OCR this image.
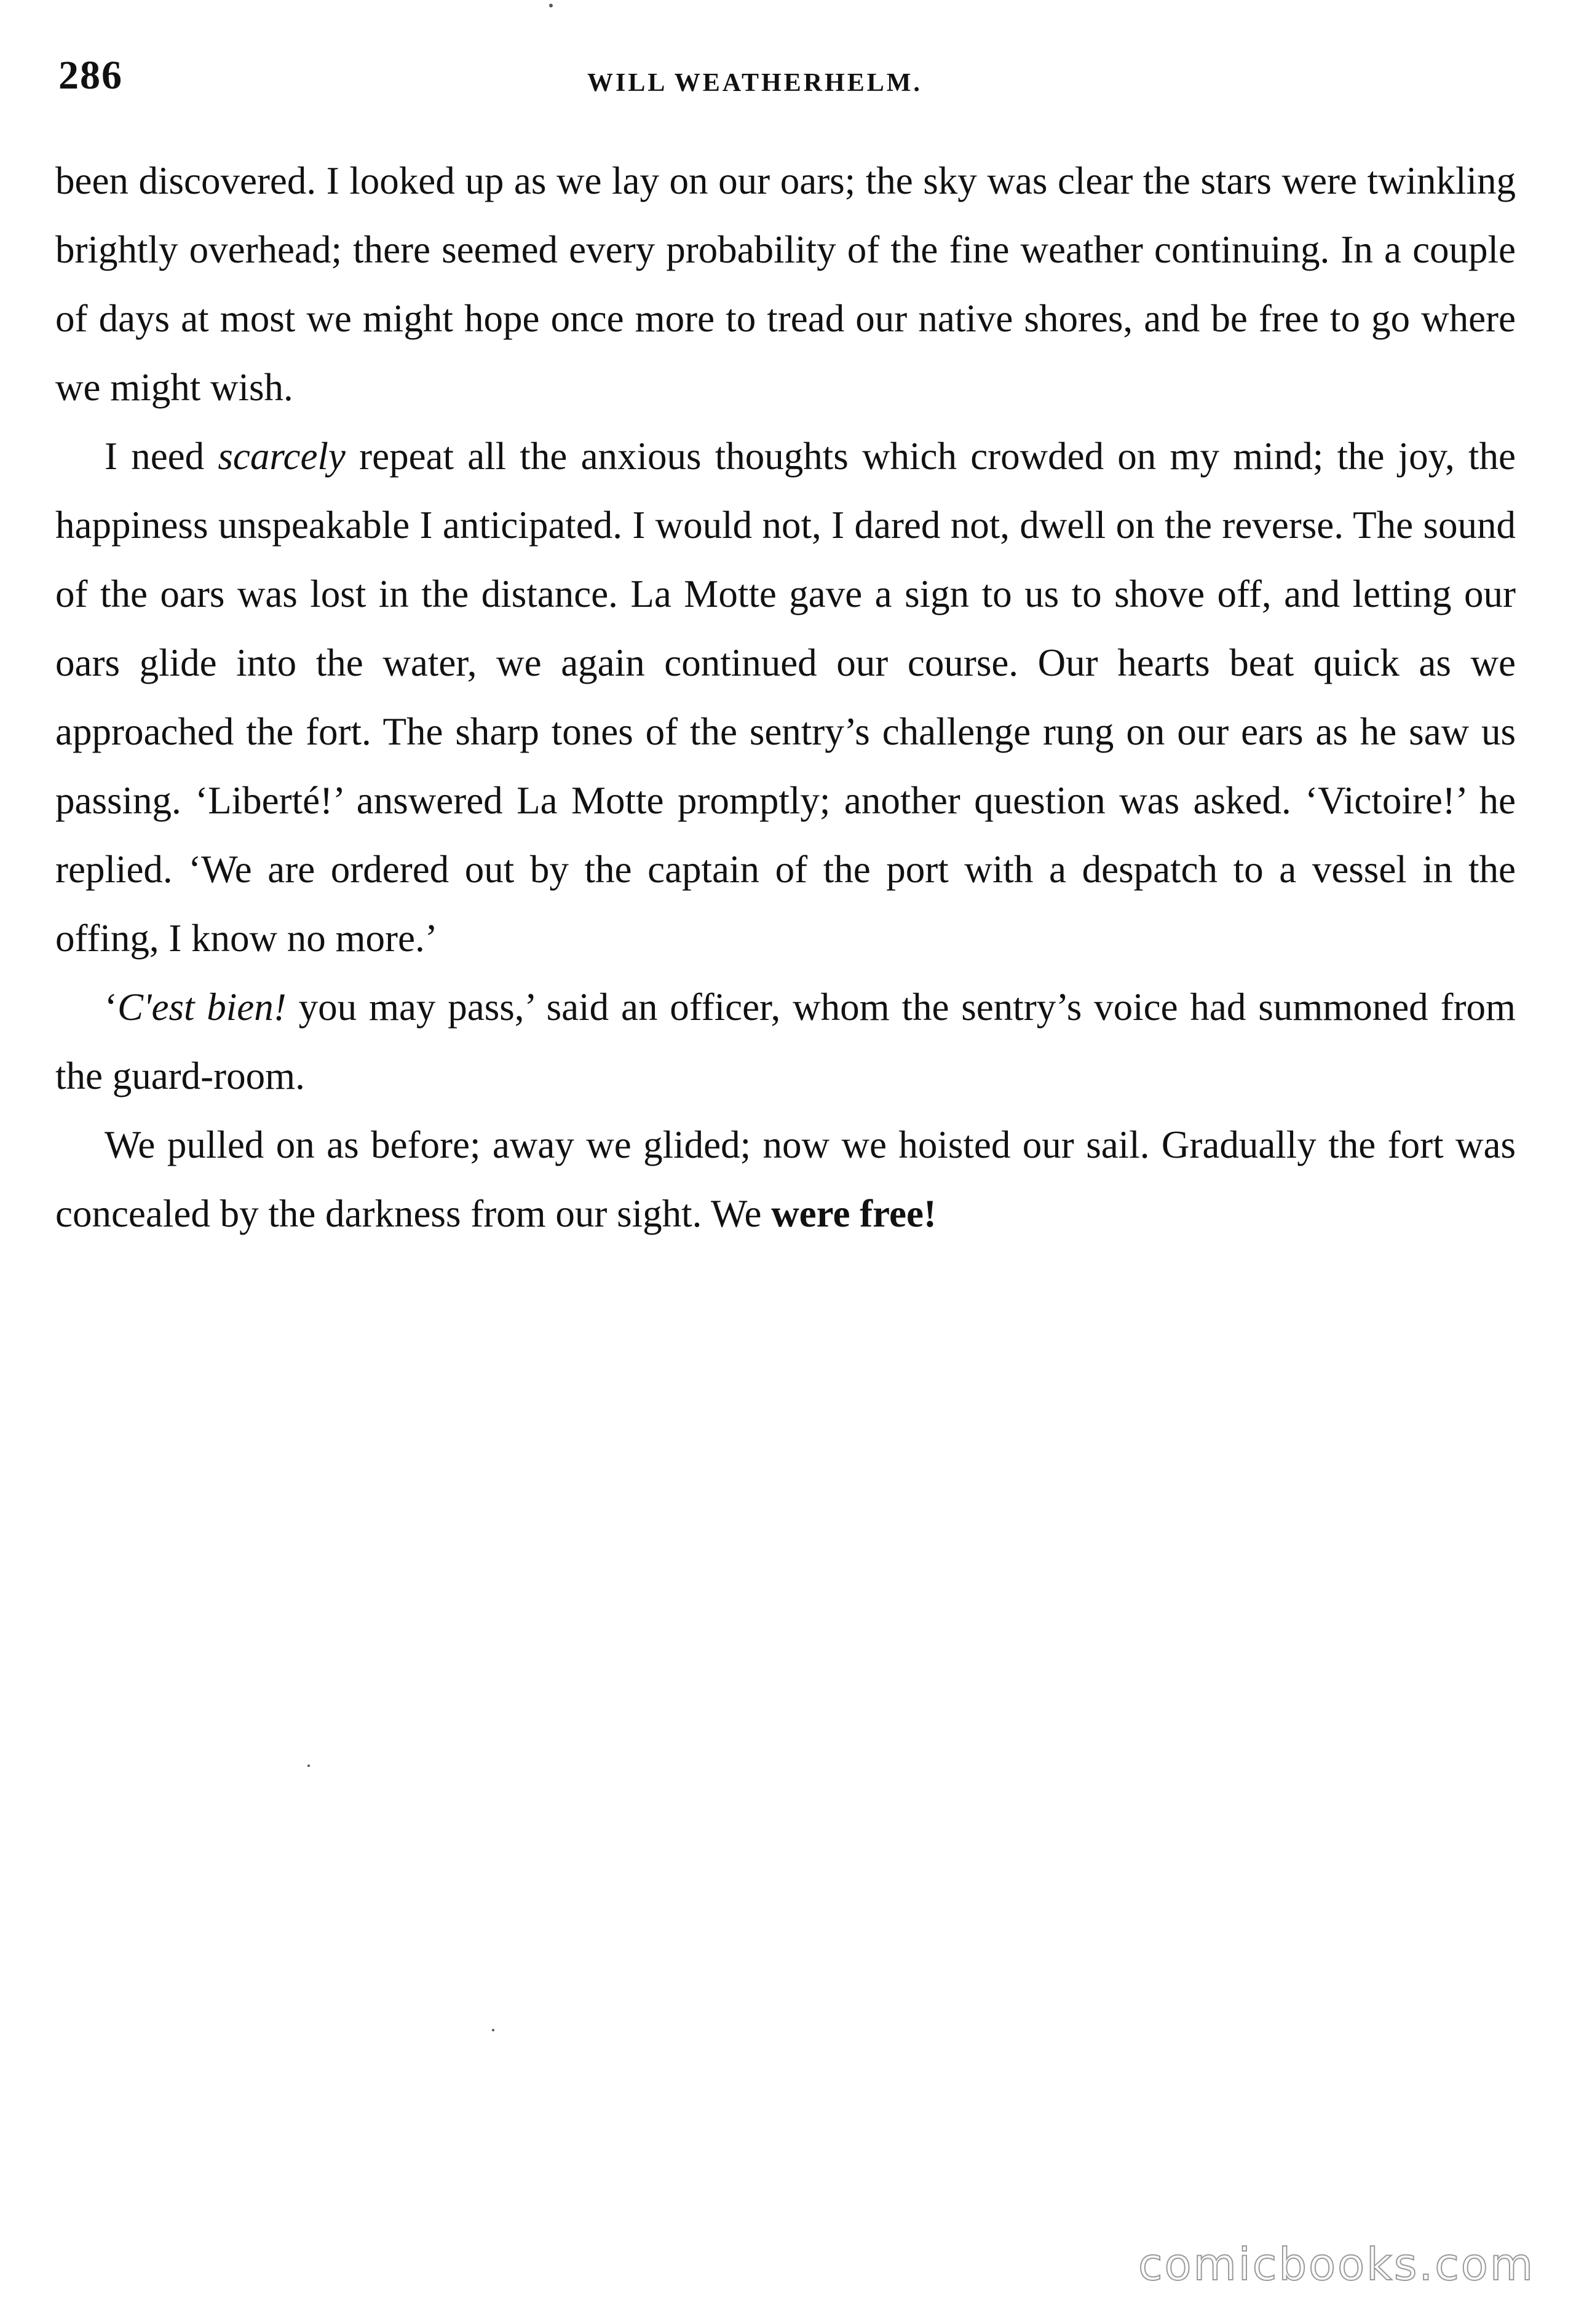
286	WILL WEATHERHELM.

been discovered. I looked up as we lay on our oars; the sky was clear the stars were twinkling brightly overhead; there seemed every probability of the fine weather continuing. In a couple of days at most we might hope once more to tread our native shores, and be free to go where we might wish.

I need scarcely repeat all the anxious thoughts which crowded on my mind; the joy, the happiness unspeakable I anticipated. I would not, I dared not, dwell on the reverse. The sound of the oars was lost in the distance. La Motte gave a sign to us to shove off, and letting our oars glide into the water, we again continued our course. Our hearts beat quick as we approached the fort. The sharp tones of the sentry’s challenge rung on our ears as he saw us passing. ‘Liberté!’ answered La Motte promptly; another question was asked. ‘Victoire!’ he replied. ‘We are ordered out by the captain of the port with a despatch to a vessel in the offing, I know no more.’

‘C'est bien! you may pass,’ said an officer, whom the sentry’s voice had summoned from the guard-room.

We pulled on as before; away we glided; now we hoisted our sail. Gradually the fort was concealed by the darkness from our sight. We were free!

comicbooks.com
